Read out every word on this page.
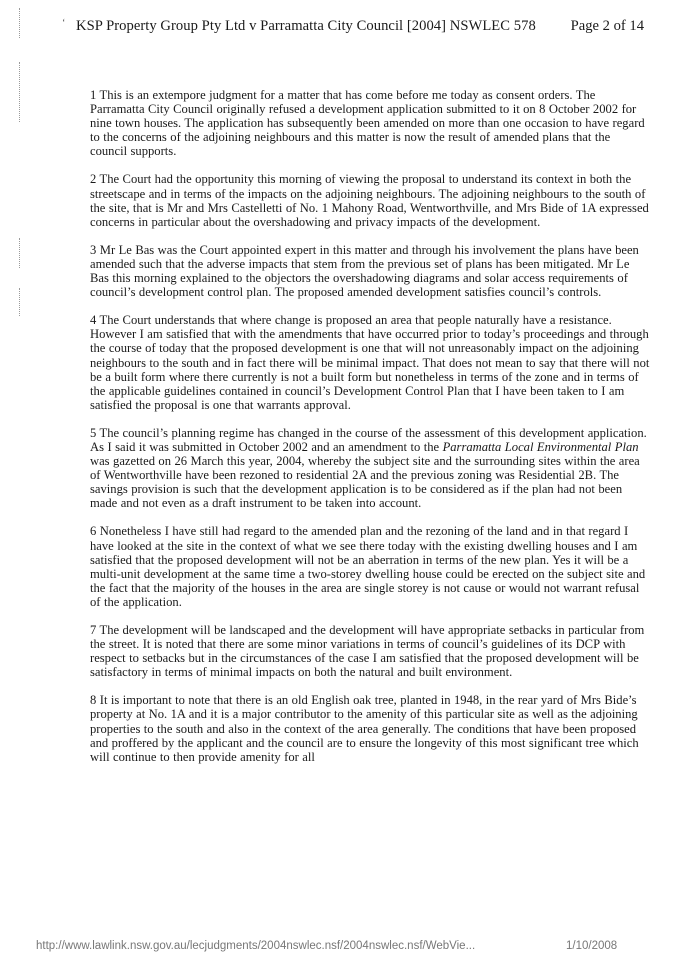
ʻ KSP Property Group Pty Ltd v Parramatta City Council [2004] NSWLEC 578 Page 2 of 14

1 This is an extempore judgment for a matter that has come before me today as consent orders. The Parramatta City Council originally refused a development application submitted to it on 8 October 2002 for nine town houses. The application has subsequently been amended on more than one occasion to have regard to the concerns of the adjoining neighbours and this matter is now the result of amended plans that the council supports.

2 The Court had the opportunity this morning of viewing the proposal to understand its context in both the streetscape and in terms of the impacts on the adjoining neighbours. The adjoining neighbours to the south of the site, that is Mr and Mrs Castelletti of No. 1 Mahony Road, Wentworthville, and Mrs Bide of 1A expressed concerns in particular about the overshadowing and privacy impacts of the development.

3 Mr Le Bas was the Court appointed expert in this matter and through his involvement the plans have been amended such that the adverse impacts that stem from the previous set of plans has been mitigated. Mr Le Bas this morning explained to the objectors the overshadowing diagrams and solar access requirements of council’s development control plan. The proposed amended development satisfies council’s controls.

4 The Court understands that where change is proposed an area that people naturally have a resistance. However I am satisfied that with the amendments that have occurred prior to today’s proceedings and through the course of today that the proposed development is one that will not unreasonably impact on the adjoining neighbours to the south and in fact there will be minimal impact. That does not mean to say that there will not be a built form where there currently is not a built form but nonetheless in terms of the zone and in terms of the applicable guidelines contained in council’s Development Control Plan that I have been taken to I am satisfied the proposal is one that warrants approval.

5 The council’s planning regime has changed in the course of the assessment of this development application. As I said it was submitted in October 2002 and an amendment to the Parramatta Local Environmental Plan was gazetted on 26 March this year, 2004, whereby the subject site and the surrounding sites within the area of Wentworthville have been rezoned to residential 2A and the previous zoning was Residential 2B. The savings provision is such that the development application is to be considered as if the plan had not been made and not even as a draft instrument to be taken into account.

6 Nonetheless I have still had regard to the amended plan and the rezoning of the land and in that regard I have looked at the site in the context of what we see there today with the existing dwelling houses and I am satisfied that the proposed development will not be an aberration in terms of the new plan. Yes it will be a multi-unit development at the same time a two-storey dwelling house could be erected on the subject site and the fact that the majority of the houses in the area are single storey is not cause or would not warrant refusal of the application.

7 The development will be landscaped and the development will have appropriate setbacks in particular from the street. It is noted that there are some minor variations in terms of council’s guidelines of its DCP with respect to setbacks but in the circumstances of the case I am satisfied that the proposed development will be satisfactory in terms of minimal impacts on both the natural and built environment.

8 It is important to note that there is an old English oak tree, planted in 1948, in the rear yard of Mrs Bide’s property at No. 1A and it is a major contributor to the amenity of this particular site as well as the adjoining properties to the south and also in the context of the area generally. The conditions that have been proposed and proffered by the applicant and the council are to ensure the longevity of this most significant tree which will continue to then provide amenity for all

http://www.lawlink.nsw.gov.au/lecjudgments/2004nswlec.nsf/2004nswlec.nsf/WebVie...	1/10/2008
